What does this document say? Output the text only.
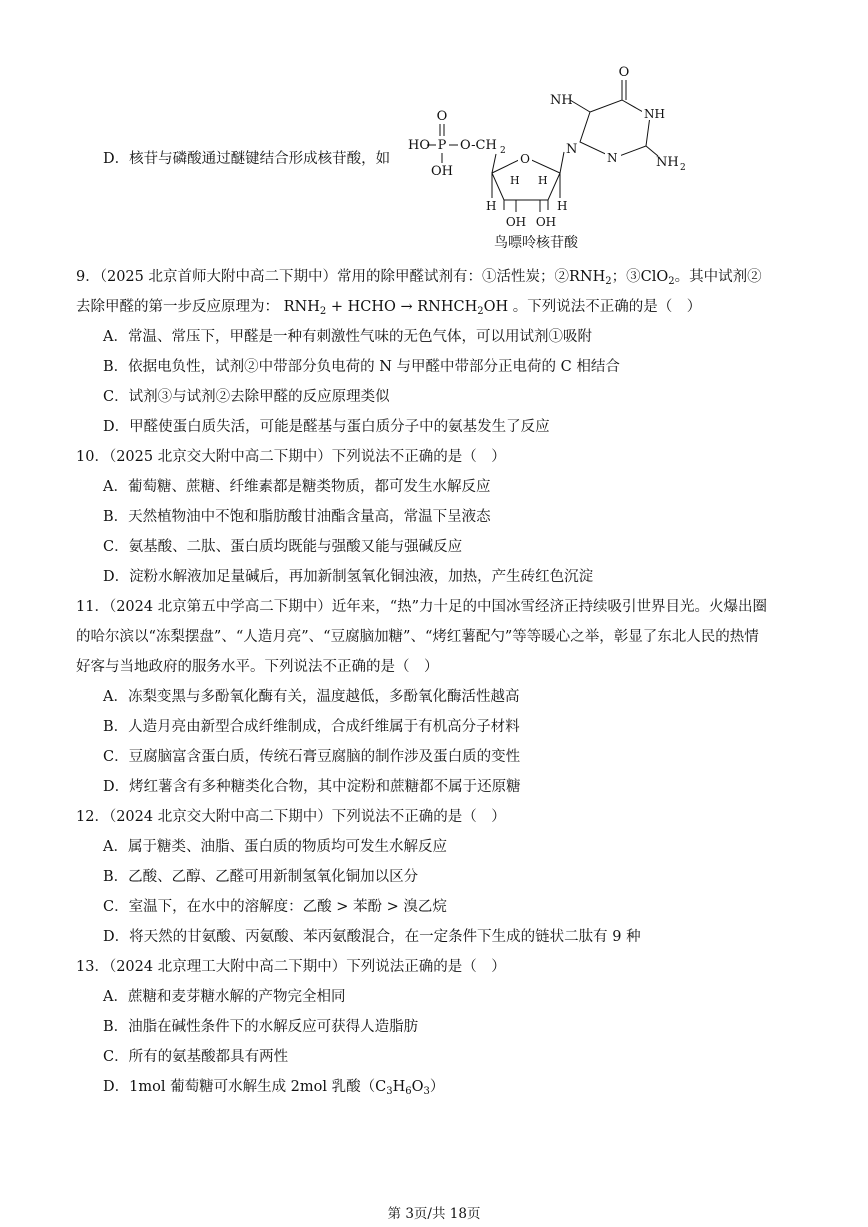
D．核苷与磷酸通过醚键结合形成核苷酸，如
O
P
HO O-CH 2
OH
O
H H
H	H
OH OH
N
NH
O
NH
N	NH 2
鸟嘌呤核苷酸
9．（2025 北京首师大附中高二下期中）常用的除甲醛试剂有：①活性炭；$②RNH_2$；③ClO$_2$。其中试剂②
去除甲醛的第一步反应原理为： $RNH_2$ + HCHO → $RNHCH_2OH$ 。下列说法不正确的是（　）
A．常温、常压下，甲醛是一种有刺激性气味的无色气体，可以用试剂①吸附
B．依据电负性，试剂②中带部分负电荷的 N 与甲醛中带部分正电荷的 C 相结合
C．试剂③与试剂②去除甲醛的反应原理类似
D．甲醛使蛋白质失活，可能是醛基与蛋白质分子中的氨基发生了反应
10．（2025 北京交大附中高二下期中）下列说法不正确的是（　）
A．葡萄糖、蔗糖、纤维素都是糖类物质，都可发生水解反应
B．天然植物油中不饱和脂肪酸甘油酯含量高，常温下呈液态
C．氨基酸、二肽、蛋白质均既能与强酸又能与强碱反应
D．淀粉水解液加足量碱后，再加新制氢氧化铜浊液，加热，产生砖红色沉淀
11．（2024 北京第五中学高二下期中）近年来，“热”力十足的中国冰雪经济正持续吸引世界目光。火爆出圈
的哈尔滨以“冻梨摆盘”、“人造月亮”、“豆腐脑加糖”、“烤红薯配勺”等等暖心之举，彰显了东北人民的热情
好客与当地政府的服务水平。下列说法不正确的是（　）
A．冻梨变黑与多酚氧化酶有关，温度越低，多酚氧化酶活性越高
B．人造月亮由新型合成纤维制成，合成纤维属于有机高分子材料
C．豆腐脑富含蛋白质，传统石膏豆腐脑的制作涉及蛋白质的变性
D．烤红薯含有多种糖类化合物，其中淀粉和蔗糖都不属于还原糖
12．（2024 北京交大附中高二下期中）下列说法不正确的是（　）
A．属于糖类、油脂、蛋白质的物质均可发生水解反应
B．乙酸、乙醇、乙醛可用新制氢氧化铜加以区分
C．室温下，在水中的溶解度：乙酸 > 苯酚 > 溴乙烷
D．将天然的甘氨酸、丙氨酸、苯丙氨酸混合，在一定条件下生成的链状二肽有 9 种
13．（2024 北京理工大附中高二下期中）下列说法正确的是（　）
A．蔗糖和麦芽糖水解的产物完全相同
B．油脂在碱性条件下的水解反应可获得人造脂肪
C．所有的氨基酸都具有两性
D．1mol 葡萄糖可水解生成 2mol 乳酸$(C_3H_6O_3)$
第 3页/共 18页
